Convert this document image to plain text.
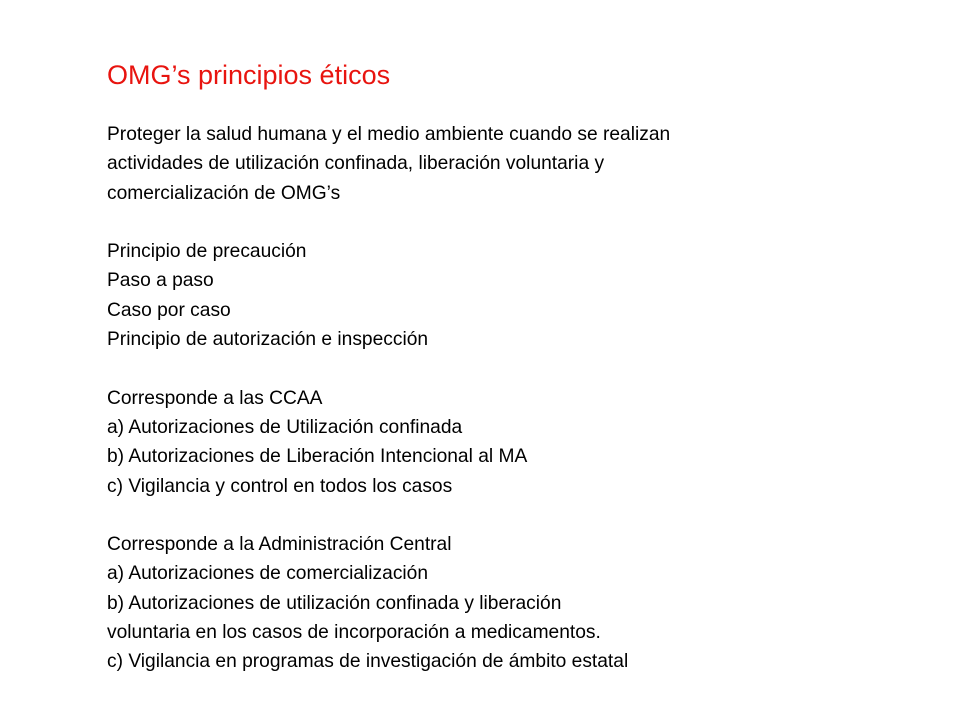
OMG’s principios éticos
Proteger la salud humana y el medio ambiente cuando se realizan
actividades de utilización confinada, liberación voluntaria y
comercialización de OMG’s
Principio de precaución
Paso a paso
Caso por caso
Principio de autorización e inspección
Corresponde a las CCAA
a) Autorizaciones de Utilización confinada
b) Autorizaciones de Liberación Intencional al MA
c) Vigilancia y control en todos los casos
Corresponde a la Administración Central
a) Autorizaciones de comercialización
b) Autorizaciones de utilización confinada y liberación
voluntaria en los casos de incorporación a medicamentos.
c) Vigilancia en programas de investigación de ámbito estatal
